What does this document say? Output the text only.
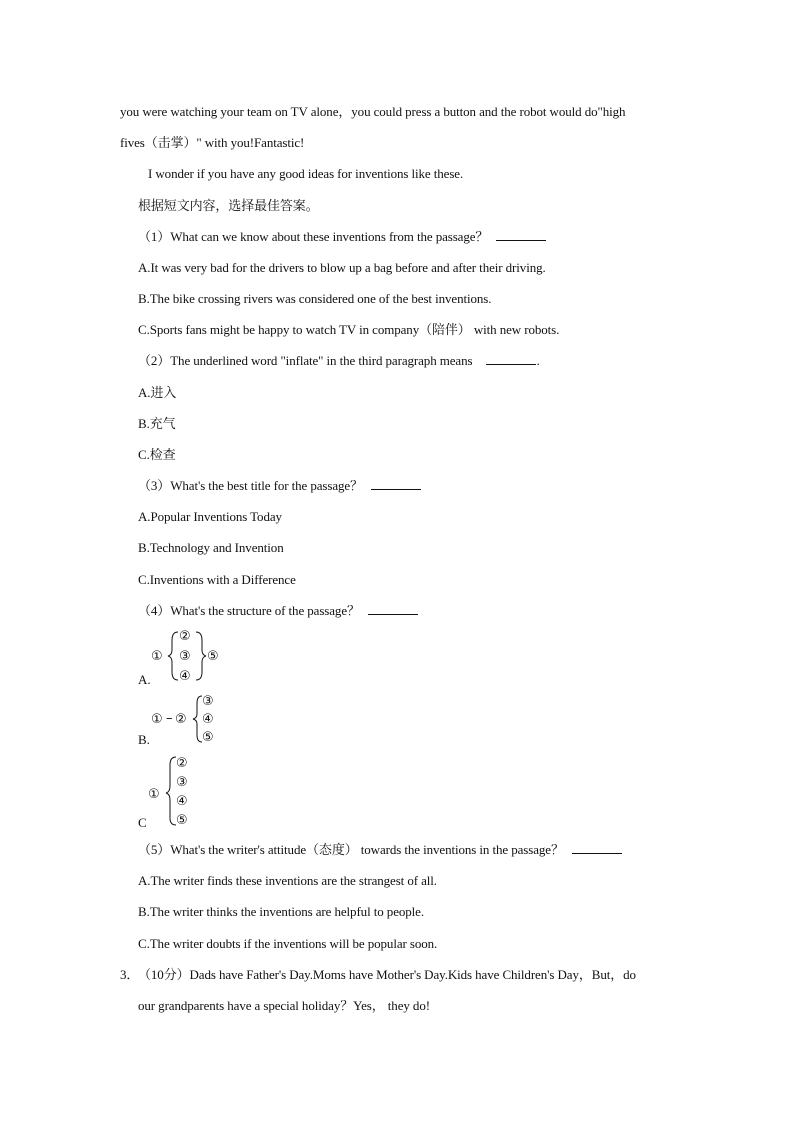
you were watching your team on TV alone，you could press a button and the robot would do"high
fives（击掌）" with you!Fantastic!
I wonder if you have any good ideas for inventions like these.
根据短文内容，选择最佳答案。
（1）What can we know about these inventions from the passage？
A.It was very bad for the drivers to blow up a bag before and after their driving.
B.The bike crossing rivers was considered one of the best inventions.
C.Sports fans might be happy to watch TV in company（陪伴） with new robots.
（2）The underlined word "inflate" in the third paragraph means	.
A.进入
B.充气
C.检查
（3）What's the best title for the passage？
A.Popular Inventions Today
B.Technology and Invention
C.Inventions with a Difference
（4）What's the structure of the passage？
①
②
③
④
⑤
A.
① – ②
③
④
⑤
B.
①
②
③
④
⑤
C
（5）What's the writer's attitude（态度） towards the inventions in the passage？
A.The writer finds these inventions are the strangest of all.
B.The writer thinks the inventions are helpful to people.
C.The writer doubts if the inventions will be popular soon.
3．
（10分）Dads have Father's Day.Moms have Mother's Day.Kids have Children's Day，But，do
our grandparents have a special holiday？Yes， they do!
